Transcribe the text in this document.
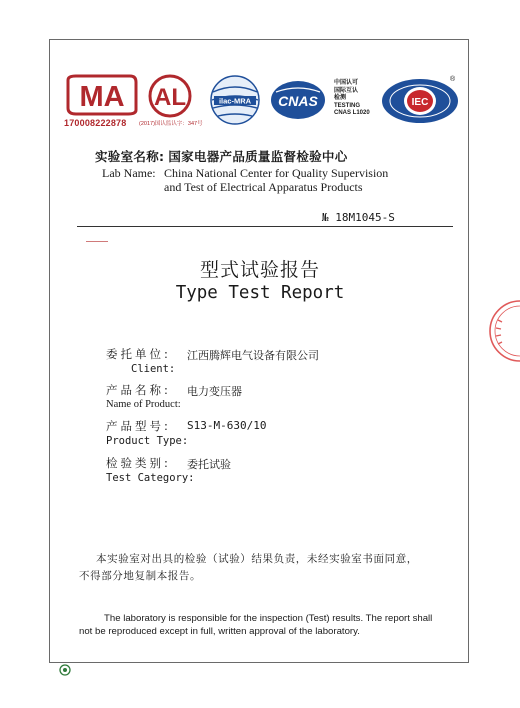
MA
170008222878
AL
(2017)国认监认字：347号
ilac-MRA CNAS
中国认可
国际互认
检测
TESTING
CNAS L1020
IEC
®
实验室名称: 国家电器产品质量监督检验中心
Lab Name: China National Center for Quality Supervision
and Test of Electrical Apparatus Products
№ 18M1045-S
型式试验报告
Type Test Report
委托单位: 江西腾辉电气设备有限公司
Client:
产品名称: 电力变压器
Name of Product:
产品型号: S13-M-630/10
Product Type:
检验类别: 委托试验
Test Category:
本实验室对出具的检验（试验）结果负责，未经实验室书面同意，
不得部分地复制本报告。
The laboratory is responsible for the inspection (Test) results. The report shall
not be reproduced except in full, written approval of the laboratory.
